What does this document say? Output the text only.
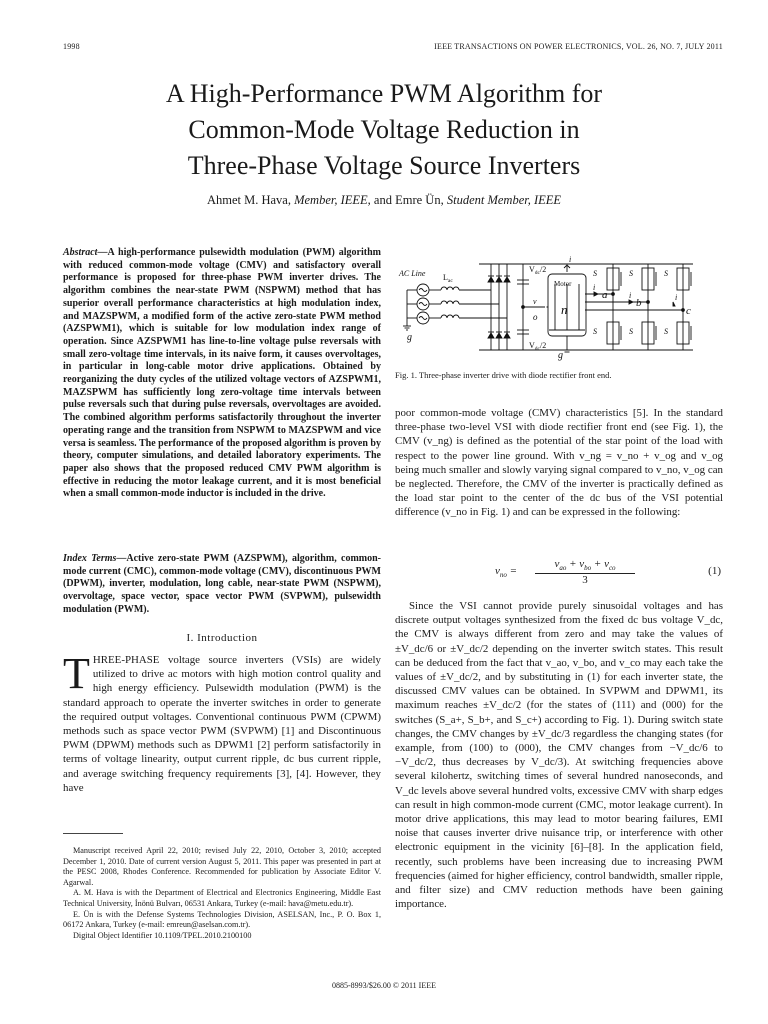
1998	IEEE TRANSACTIONS ON POWER ELECTRONICS, VOL. 26, NO. 7, JULY 2011
A High-Performance PWM Algorithm for
Common-Mode Voltage Reduction in
Three-Phase Voltage Source Inverters
Ahmet M. Hava, Member, IEEE, and Emre Ün, Student Member, IEEE
Abstract—A high-performance pulsewidth modulation (PWM) algorithm with reduced common-mode voltage (CMV) and satisfactory overall performance is proposed for three-phase PWM inverter drives. The algorithm combines the near-state PWM (NSPWM) method that has superior overall performance characteristics at high modulation index, and MAZSPWM, a modified form of the active zero-state PWM method (AZSPWM1), which is suitable for low modulation index range of operation. Since AZSPWM1 has line-to-line voltage pulse reversals with small zero-voltage time intervals, in its naive form, it causes overvoltages, in particular in long-cable motor drive applications. Obtained by reorganizing the duty cycles of the utilized voltage vectors of AZSPWM1, MAZSPWM has sufficiently long zero-voltage time intervals between pulse reversals such that during pulse reversals, overvoltages are avoided. The combined algorithm performs satisfactorily throughout the inverter operating range and the transition from NSPWM to MAZSPWM and vice versa is seamless. The performance of the proposed algorithm is proven by theory, computer simulations, and detailed laboratory experiments. The paper also shows that the proposed reduced CMV PWM algorithm is effective in reducing the motor leakage current, and it is most beneficial when a small common-mode inductor is included in the drive.
Index Terms—Active zero-state PWM (AZSPWM), algorithm, common-mode current (CMC), common-mode voltage (CMV), discontinuous PWM (DPWM), inverter, modulation, long cable, near-state PWM (NSPWM), overvoltage, space vector, space vector PWM (SVPWM), pulsewidth modulation (PWM).
I. Introduction
THREE-PHASE voltage source inverters (VSIs) are widely utilized to drive ac motors with high motion control quality and high energy efficiency. Pulsewidth modulation (PWM) is the standard approach to operate the inverter switches in order to generate the required output voltages. Conventional continuous PWM (CPWM) methods such as space vector PWM (SVPWM) [1] and Discontinuous PWM (DPWM) methods such as DPWM1 [2] perform satisfactorily in terms of voltage linearity, output current ripple, dc bus current ripple, and average switching frequency requirements [3], [4]. However, they have

Manuscript received April 22, 2010; revised July 22, 2010, October 3, 2010; accepted December 1, 2010. Date of current version August 5, 2011. This paper was presented in part at the PESC 2008, Rhodes Conference. Recommended for publication by Associate Editor V. Agarwal.

A. M. Hava is with the Department of Electrical and Electronics Engineering, Middle East Technical University, İnönü Bulvarı, 06531 Ankara, Turkey (e-mail: hava@metu.edu.tr).

E. Ün is with the Defense Systems Technologies Division, ASELSAN, Inc., P. O. Box 1, 06172 Ankara, Turkey (e-mail: emreun@aselsan.com.tr).

Digital Object Identifier 10.1109/TPEL.2010.2100100

AC Line $L_{ac}$
$V_{dc}/2$
$V_{dc}/2$
Motor
n
o
v
g
g
a
b
c
i
i	i
i
S	S	S
S	S	S
Fig. 1. Three-phase inverter drive with diode rectifier front end.

poor common-mode voltage (CMV) characteristics [5]. In the standard three-phase two-level VSI with diode rectifier front end (see Fig. 1), the CMV (v_ng) is defined as the potential of the star point of the load with respect to the power line ground. With v_ng = v_no + v_og and v_og being much smaller and slowly varying signal compared to v_no, v_og can be neglected. Therefore, the CMV of the inverter is practically defined as the load star point to the center of the dc bus of the VSI potential difference (v_no in Fig. 1) and can be expressed in the following:

$v_{no}$ =
$v_{ao} + v_{bo} + v_{co}$
3
(1)

Since the VSI cannot provide purely sinusoidal voltages and has discrete output voltages synthesized from the fixed dc bus voltage V_dc, the CMV is always different from zero and may take the values of ±V_dc/6 or ±V_dc/2 depending on the inverter switch states. This result can be deduced from the fact that v_ao, v_bo, and v_co may each take the values of ±V_dc/2, and by substituting in (1) for each inverter state, the discussed CMV values can be obtained. In SVPWM and DPWM1, its maximum reaches ±V_dc/2 (for the states of (111) and (000) for the switches (S_a+, S_b+, and S_c+) according to Fig. 1). During switch state changes, the CMV changes by ±V_dc/3 regardless the changing states (for example, from (100) to (000), the CMV changes from −V_dc/6 to −V_dc/2, thus decreases by V_dc/3). At switching frequencies above several kilohertz, switching times of several hundred nanoseconds, and V_dc levels above several hundred volts, excessive CMV with sharp edges can result in high common-mode current (CMC, motor leakage current). In motor drive applications, this may lead to motor bearing failures, EMI noise that causes inverter drive nuisance trip, or interference with other electronic equipment in the vicinity [6]–[8]. In the application field, recently, such problems have been increasing due to increasing PWM frequencies (aimed for higher efficiency, control bandwidth, smaller ripple, and filter size) and CMV reduction methods have been gaining importance.

0885-8993/$26.00 © 2011 IEEE
